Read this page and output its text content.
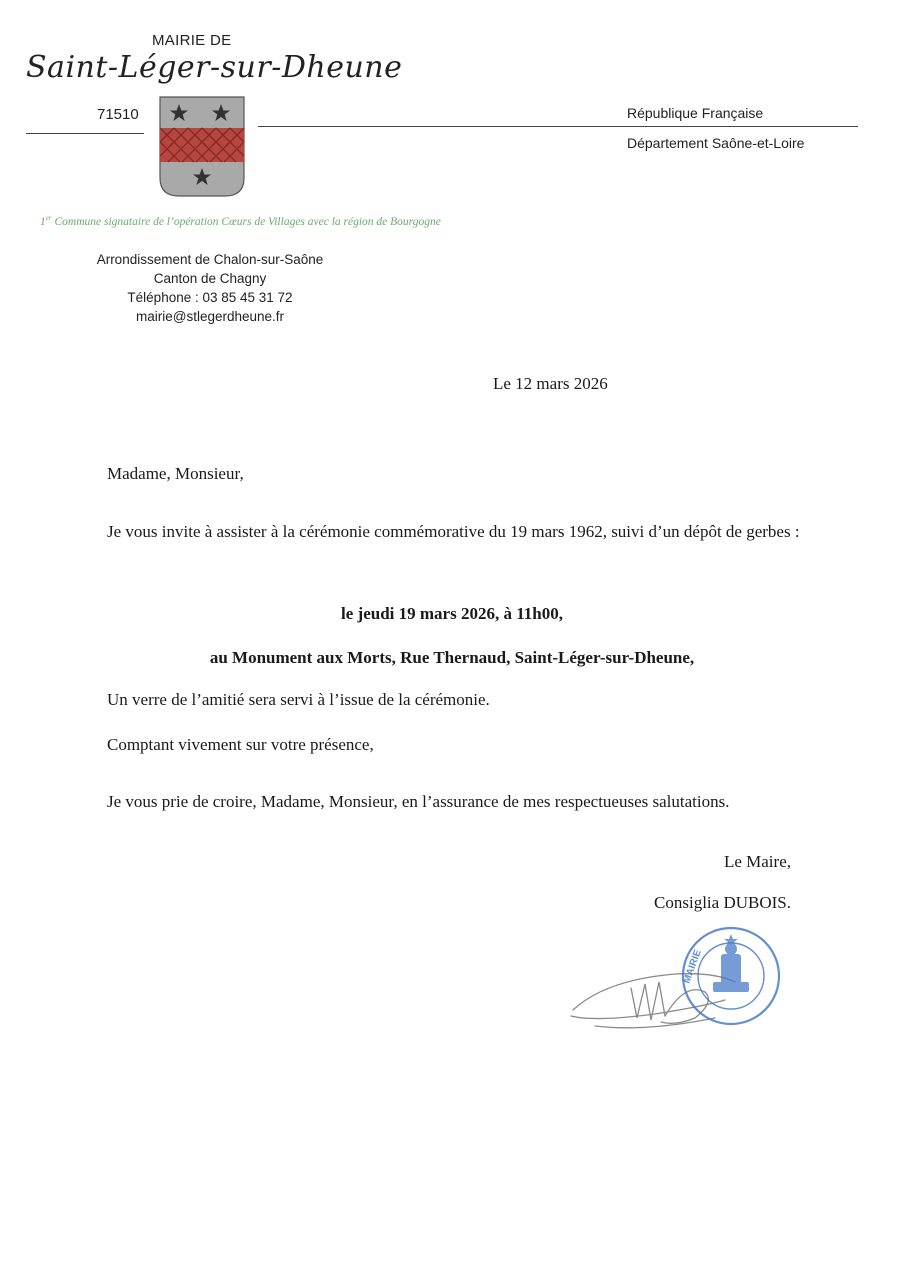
MAIRIE DE
Saint-Léger-sur-Dheune
71510	République Française
Département Saône-et-Loire
1er Commune signataire de l’opération Cœurs de Villages avec la région de Bourgogne
Arrondissement de Chalon-sur-Saône
Canton de Chagny
Téléphone : 03 85 45 31 72
mairie@stlegerdheune.fr
Le 12 mars 2026
Madame, Monsieur,
Je vous invite à assister à la cérémonie commémorative du 19 mars 1962, suivi d’un dépôt de gerbes :
le jeudi 19 mars 2026, à 11h00,
au Monument aux Morts, Rue Thernaud, Saint-Léger-sur-Dheune,
Un verre de l’amitié sera servi à l’issue de la cérémonie.
Comptant vivement sur votre présence,
Je vous prie de croire, Madame, Monsieur, en l’assurance de mes respectueuses salutations.
Le Maire,
Consiglia DUBOIS.
MAIRIE
